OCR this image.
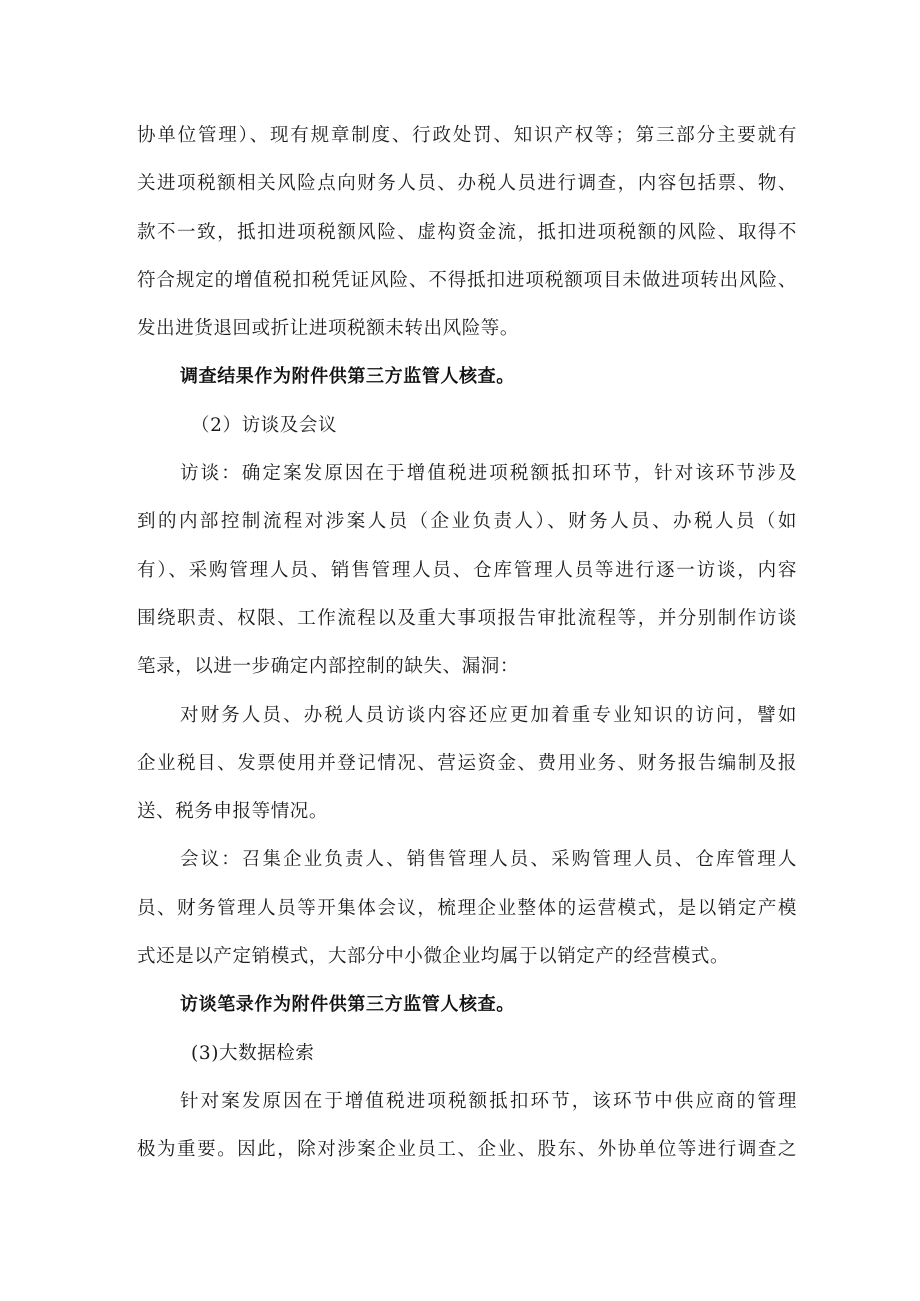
协单位管理）、现有规章制度、行政处罚、知识产权等；第三部分主要就有
关进项税额相关风险点向财务人员、办税人员进行调查，内容包括票、物、
款不一致，抵扣进项税额风险、虚构资金流，抵扣进项税额的风险、取得不
符合规定的增值税扣税凭证风险、不得抵扣进项税额项目未做进项转出风险、
发出进货退回或折让进项税额未转出风险等。
调查结果作为附件供第三方监管人核查。
（2）访谈及会议
访谈：确定案发原因在于增值税进项税额抵扣环节，针对该环节涉及
到的内部控制流程对涉案人员（企业负责人）、财务人员、办税人员（如
有）、采购管理人员、销售管理人员、仓库管理人员等进行逐一访谈，内容
围绕职责、权限、工作流程以及重大事项报告审批流程等，并分别制作访谈
笔录，以进一步确定内部控制的缺失、漏洞：
对财务人员、办税人员访谈内容还应更加着重专业知识的访问，譬如
企业税目、发票使用并登记情况、营运资金、费用业务、财务报告编制及报
送、税务申报等情况。
会议：召集企业负责人、销售管理人员、采购管理人员、仓库管理人
员、财务管理人员等开集体会议，梳理企业整体的运营模式，是以销定产模
式还是以产定销模式，大部分中小微企业均属于以销定产的经营模式。
访谈笔录作为附件供第三方监管人核查。
(3)大数据检索
针对案发原因在于增值税进项税额抵扣环节，该环节中供应商的管理
极为重要。因此，除对涉案企业员工、企业、股东、外协单位等进行调查之
